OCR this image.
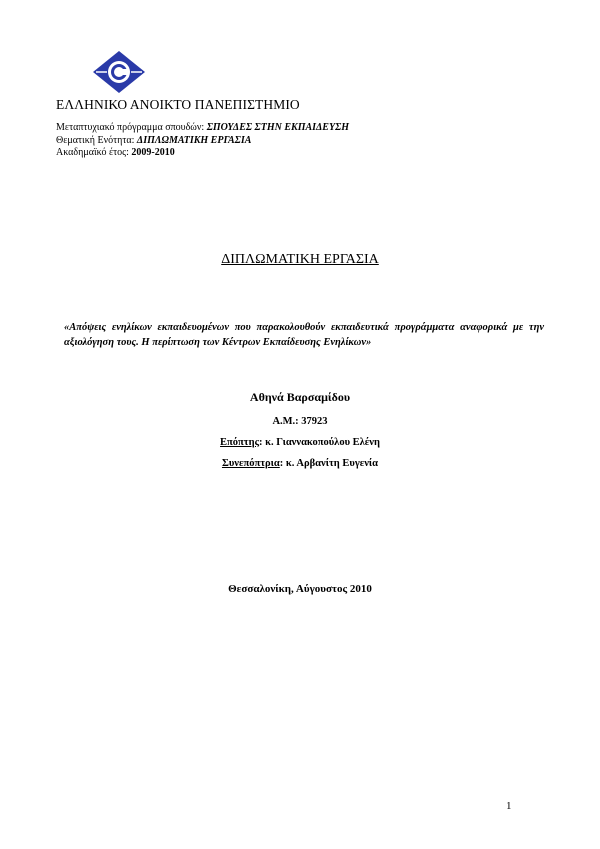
ΕΛΛΗΝΙΚΟ ΑΝΟΙΚΤΟ ΠΑΝΕΠΙΣΤΗΜΙΟ
Μεταπτυχιακό πρόγραμμα σπουδών: ΣΠΟΥΔΕΣ ΣΤΗΝ ΕΚΠΑΙΔΕΥΣΗ
Θεματική Ενότητα: ΔΙΠΛΩΜΑΤΙΚΗ ΕΡΓΑΣΙΑ
Ακαδημαϊκό έτος: 2009-2010
ΔΙΠΛΩΜΑΤΙΚΗ ΕΡΓΑΣΙΑ
«Απόψεις ενηλίκων εκπαιδευομένων που παρακολουθούν εκπαιδευτικά προγράμματα αναφορικά με την αξιολόγηση τους. Η περίπτωση των Κέντρων Εκπαίδευσης Ενηλίκων»
Αθηνά Βαρσαμίδου
Α.Μ.: 37923
Επόπτης: κ. Γιαννακοπούλου Ελένη
Συνεπόπτρια: κ. Αρβανίτη Ευγενία
Θεσσαλονίκη, Αύγουστος 2010
1
